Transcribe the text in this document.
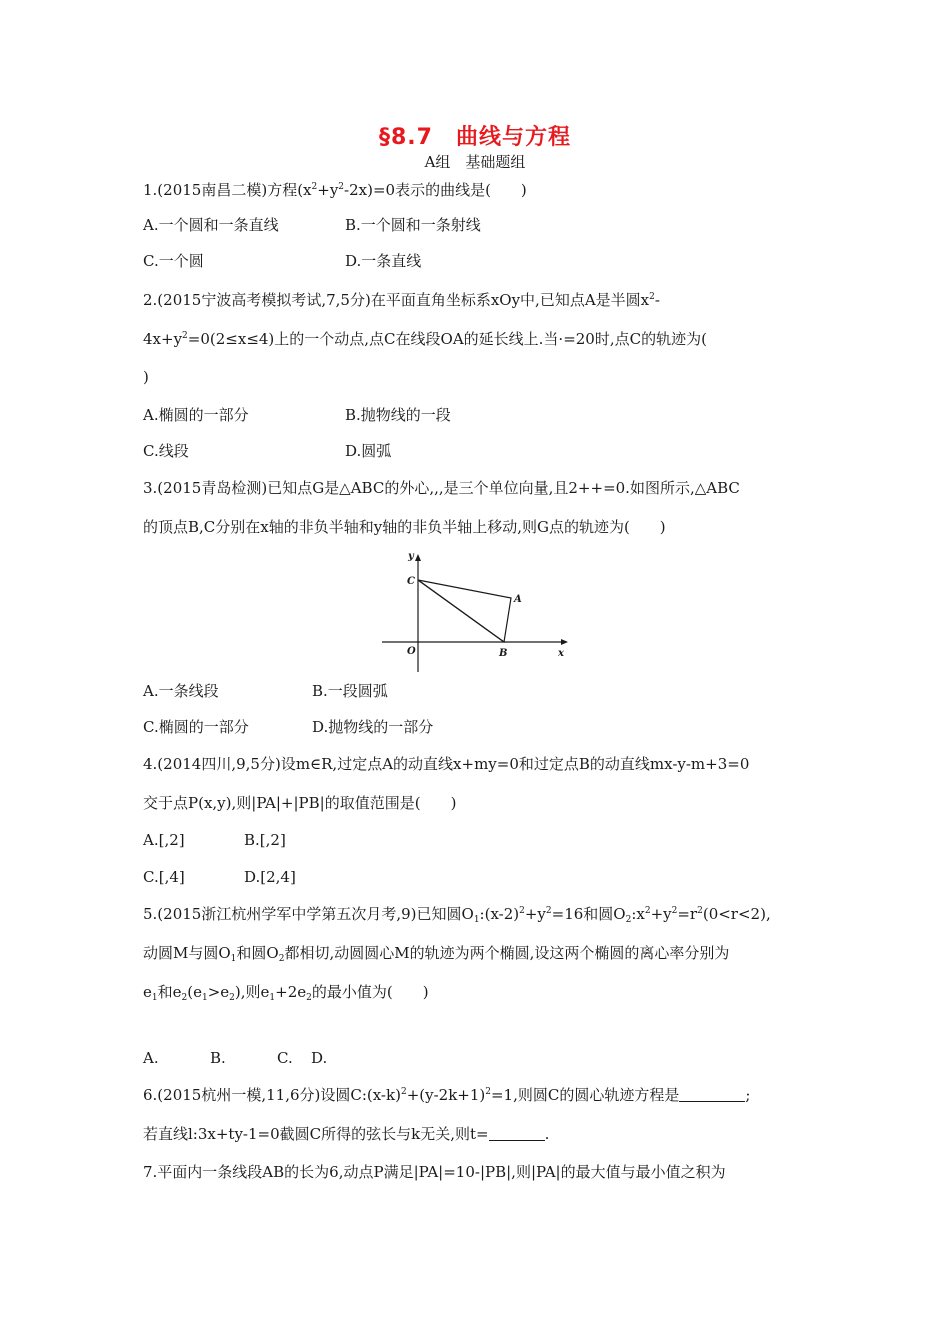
§8.7　曲线与方程
A组　基础题组
1.(2015南昌二模)方程$(x^2+y^2-2x)=0$表示的曲线是(　　)
A.一个圆和一条直线	B.一个圆和一条射线
C.一个圆	D.一条直线
2.(2015宁波高考模拟考试,7,5分)在平面直角坐标系xOy中,已知点A是半圆$x^2-$
$4x+y^2=0(2\le x\le 4)$上的一个动点,点C在线段OA的延长线上.当·=20时,点C的轨迹为(
)
A.椭圆的一部分	B.抛物线的一段
C.线段	D.圆弧
3.(2015青岛检测)已知点G是△ABC的外心,,,是三个单位向量,且2++=0.如图所示,△ABC
的顶点B,C分别在x轴的非负半轴和y轴的非负半轴上移动,则G点的轨迹为(　　)
y
C
A
O	B	x
A.一条线段	B.一段圆弧
C.椭圆的一部分	D.抛物线的一部分
4.(2014四川,9,5分)设m∈R,过定点A的动直线x+my=0和过定点B的动直线mx-y-m+3=0
交于点P(x,y),则|PA|+|PB|的取值范围是(　　)
A.[,2]	B.[,2]
C.[,4]	D.[2,4]
5.(2015浙江杭州学军中学第五次月考,9)已知圆$O_1:(x-2)^2+y^2=16$和圆$O_2:x^2+y^2=r^2(0<r<2)$,
动圆M与圆$O_1$和圆$O_2$都相切,动圆圆心M的轨迹为两个椭圆,设这两个椭圆的离心率分别为
$e_1$和$e_2(e_1>e_2)$,则$e_1+2e_2$的最小值为(　　)
A.	B.	C. D.
6.(2015杭州一模,11,6分)设圆$C:(x-k)^2+(y-2k+1)^2=1$,则圆C的圆心轨迹方程是	;
若直线l:3x+ty-1=0截圆C所得的弦长与k无关,则t=	.
7.平面内一条线段AB的长为6,动点P满足|PA|=10-|PB|,则|PA|的最大值与最小值之积为
